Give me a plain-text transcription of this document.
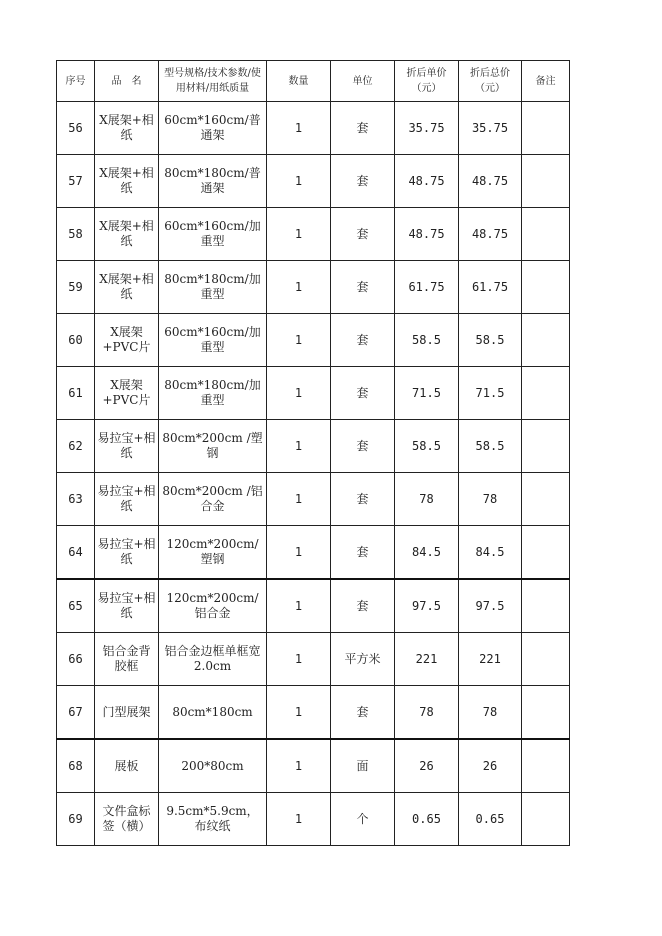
序号	品　名	型号规格/技术参数/使用材料/用纸质量	数量	单位	折后单价（元）	折后总价（元）	备注
56	X展架+相纸	60cm*160cm/普通架	1	套	35.75	35.75	
57	X展架+相纸	80cm*180cm/普通架	1	套	48.75	48.75	
58	X展架+相纸	60cm*160cm/加重型	1	套	48.75	48.75	
59	X展架+相纸	80cm*180cm/加重型	1	套	61.75	61.75	
60	X展架+PVC片	60cm*160cm/加重型	1	套	58.5	58.5	
61	X展架+PVC片	80cm*180cm/加重型	1	套	71.5	71.5	
62	易拉宝+相纸	80cm*200cm /塑钢	1	套	58.5	58.5	
63	易拉宝+相纸	80cm*200cm /铝合金	1	套	78	78	
64	易拉宝+相纸	120cm*200cm/塑钢	1	套	84.5	84.5	
65	易拉宝+相纸	120cm*200cm/铝合金	1	套	97.5	97.5	
66	铝合金背胶框	铝合金边框单框宽2.0cm	1	平方米	221	221	
67	门型展架	80cm*180cm	1	套	78	78	
68	展板	200*80cm	1	面	26	26	
69	文件盒标签（横）	9.5cm*5.9cm，布纹纸	1	个	0.65	0.65	
